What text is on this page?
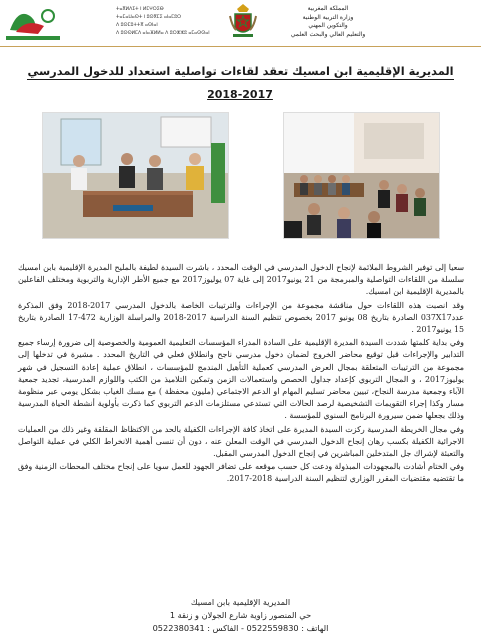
ⵜⴰⴳⵍⴷⵉⵜ ⵏ ⵍⵎⵖⵔⵉⴱ
ⵜⴰⵎⴰⵡⴰⵙⵜ ⵏ ⵓⵙⴳⵎⵉ ⴰⵏⴰⵎⵓⵔ
ⴷ ⵓⵙⵎⵓⵜⵜⴳ ⴰⵙⵏⴰⵏ
ⴷ ⵓⵙⵙⵍⵎⴷ ⴰⵏⴰⴼⵍⵍⴰ ⴷ ⵓⵔⵣⵣⵓ ⴰⵎⴰⵙⵙⴰⵏ
المملكة المغربية
وزارة التربية الوطنية
والتكوين المهني
والتعليم العالي والبحث العلمي
المديرية الإقليمية ابن امسيك تعقد لقاءات تواصلية استعداد للدخول المدرسي
2018-2017

سعيا إلى توفير الشروط الملائمة لإنجاح الدخول المدرسي في الوقت المحدد ، باشرت السيدة لطيفة بالمليح المديرة الإقليمية بابن امسيك سلسلة من اللقاءات التواصلية والمبرمجة من 21 يونيو2017 إلى غاية 07 يوليوز2017 مع جميع الأطر الإدارية والتربوية ومختلف الفاعلين بالمديرية الإقليمية ابن امسيك.

وقد انصبت هذه اللقاءات حول مناقشة مجموعة من الإجراءات والترتيبات الخاصة بالدخول المدرسي 2017-2018 وفق المذكرة عدد037X17 الصادرة بتاريخ 08 يونيو 2017 بخصوص تنظيم السنة الدراسية 2017-2018 والمراسلة الوزارية 472-17 الصادرة بتاريخ 15 يونيو2017 .

وفي بداية كلمتها شددت السيدة المديرة الإقليمية على السادة المدراء المؤسسات التعليمية العمومية والخصوصية إلى ضرورة إرساء جميع التدابير والإجراءات قبل توقيع محاضر الخروج لضمان دخول مدرسي ناجح وانطلاق فعلي في التاريخ المحدد . مشيرة في تدخلها إلى مجموعة من الترتيبات المتعلقة بمجال العرض المدرسي كعملية التأهيل المندمج للمؤسسات ، انطلاق عملية إعادة التسجيل في شهر يوليوز2017 ، و المجال التربوي كإعداد جداول الحصص واستعمالات الزمن وتمكين التلاميذ من الكتب واللوازم المدرسية، تجديد جمعية الآباء وجمعية مدرسة النجاح، تبيين محاضر تسليم المهام او الدعم الاجتماعي (مليون محفظة ) مع مسك الغياب بشكل يومي عبر منظومة مسار وكذا إجراء التقويمات التشخيصية لرصد الحالات التي تستدعي مستلزمات الدعم التربوي كما ذكرت بأولوية أنشطة الحياة المدرسية وذلك بجعلها ضمن سيرورة البرنامج السنوي للمؤسسة .

وفي مجال الخريطة المدرسية ركزت السيدة المديرة على اتخاذ كافة الإجراءات الكفيلة بالحد من الاكتظاظ المقلقة وغير ذلك من العمليات الاجرائية الكفيلة بكسب رهان إنجاح الدخول المدرسي في الوقت المعلن عنه ، دون أن تنسى أهمية الانخراط الكلي في عملية التواصل والتعبئة لإشراك جل المتدخلين المباشرين في إنجاح الدخول المدرسي المقبل.

وفي الختام أشادت بالمجهودات المبذولة ودعت كل حسب موقعه على تضافر الجهود للعمل سويا على إنجاح مختلف المحطات الزمنية وفق ما تقتضيه مقتضيات المقرر الوزاري لتنظيم السنة الدراسية 2018-2017.

المديرية الإقليمية بابن امسيك
حي المنصور زاوية شارع الجولان و زنقة 1
الهاتف : 0522559830 - الفاكس : 0522380341
